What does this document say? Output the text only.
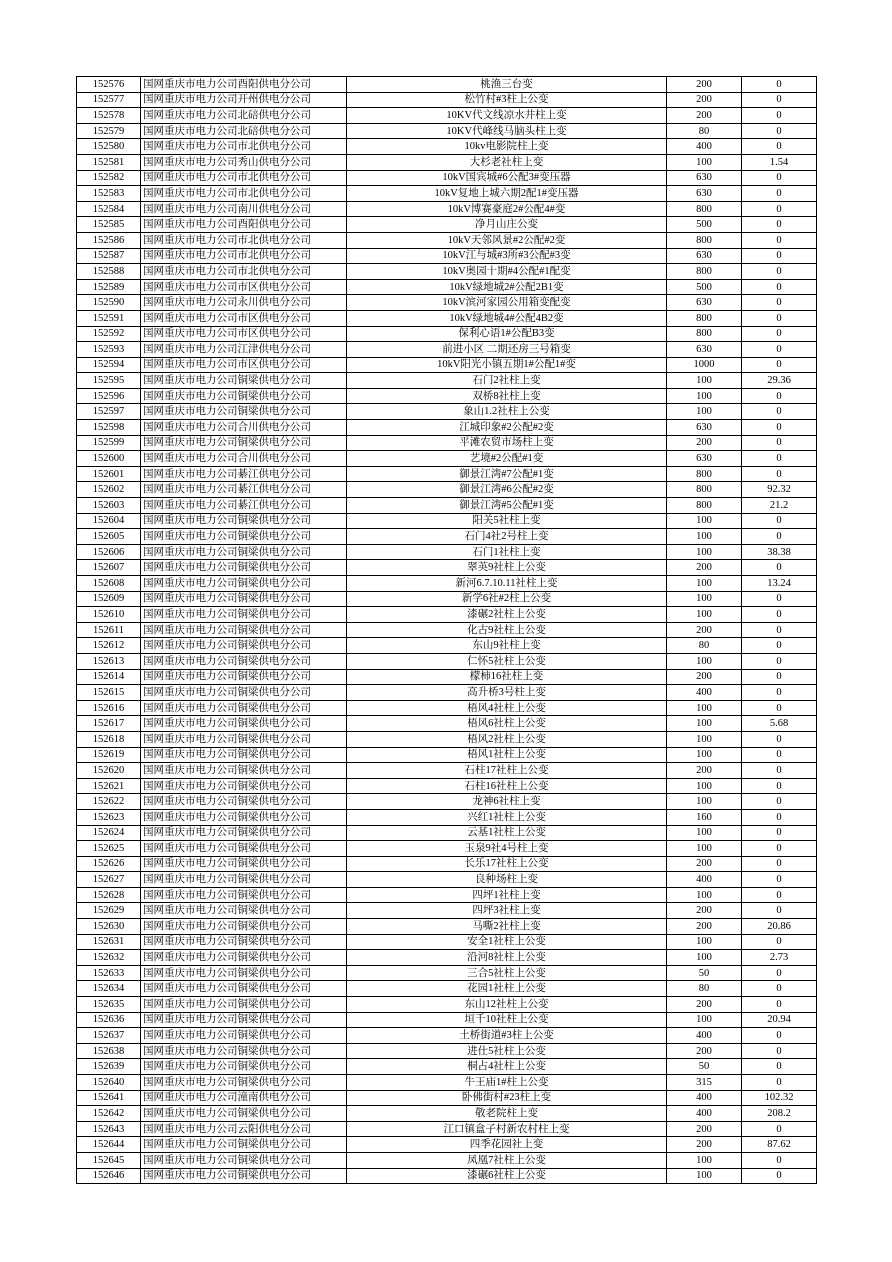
152576	国网重庆市电力公司酉阳供电分公司	桃渔三台变	200	0
152577	国网重庆市电力公司开州供电分公司	松竹村#3柱上公变	200	0
152578	国网重庆市电力公司北碚供电分公司	10KV代文线凉水井柱上变	200	0
152579	国网重庆市电力公司北碚供电分公司	10KV代峰线马脑头柱上变	80	0
152580	国网重庆市电力公司市北供电分公司	10kv电影院柱上变	400	0
152581	国网重庆市电力公司秀山供电分公司	大杉老社柱上变	100	1.54
152582	国网重庆市电力公司市北供电分公司	10kV国宾城#6公配3#变压器	630	0
152583	国网重庆市电力公司市北供电分公司	10kV复地上城六期2配1#变压器	630	0
152584	国网重庆市电力公司南川供电分公司	10kV博赛豪庭2#公配4#变	800	0
152585	国网重庆市电力公司酉阳供电分公司	净月山庄公变	500	0
152586	国网重庆市电力公司市北供电分公司	10kV天邻风景#2公配#2变	800	0
152587	国网重庆市电力公司市北供电分公司	10kV江与城#3所#3公配#3变	630	0
152588	国网重庆市电力公司市北供电分公司	10kV奥园十期#4公配#1配变	800	0
152589	国网重庆市电力公司市区供电分公司	10kV绿地城2#公配2B1变	500	0
152590	国网重庆市电力公司永川供电分公司	10kV滨河家园公用箱变配变	630	0
152591	国网重庆市电力公司市区供电分公司	10kV绿地城4#公配4B2变	800	0
152592	国网重庆市电力公司市区供电分公司	保利心语1#公配B3变	800	0
152593	国网重庆市电力公司江津供电分公司	前进小区 二期还房三号箱变	630	0
152594	国网重庆市电力公司市区供电分公司	10kV阳光小镇五期1#公配1#变	1000	0
152595	国网重庆市电力公司铜梁供电分公司	石门2社柱上变	100	29.36
152596	国网重庆市电力公司铜梁供电分公司	双桥8社柱上变	100	0
152597	国网重庆市电力公司铜梁供电分公司	象山1.2社柱上公变	100	0
152598	国网重庆市电力公司合川供电分公司	江城印象#2公配#2变	630	0
152599	国网重庆市电力公司铜梁供电分公司	平滩农贸市场柱上变	200	0
152600	国网重庆市电力公司合川供电分公司	艺境#2公配#1变	630	0
152601	国网重庆市电力公司綦江供电分公司	御景江湾#7公配#1变	800	0
152602	国网重庆市电力公司綦江供电分公司	御景江湾#6公配#2变	800	92.32
152603	国网重庆市电力公司綦江供电分公司	御景江湾#5公配#1变	800	21.2
152604	国网重庆市电力公司铜梁供电分公司	阳关5社柱上变	100	0
152605	国网重庆市电力公司铜梁供电分公司	石门4社2号柱上变	100	0
152606	国网重庆市电力公司铜梁供电分公司	石门1社柱上变	100	38.38
152607	国网重庆市电力公司铜梁供电分公司	翠英9社柱上公变	200	0
152608	国网重庆市电力公司铜梁供电分公司	新河6.7.10.11社柱上变	100	13.24
152609	国网重庆市电力公司铜梁供电分公司	新学6社#2柱上公变	100	0
152610	国网重庆市电力公司铜梁供电分公司	漆碾2社柱上公变	100	0
152611	国网重庆市电力公司铜梁供电分公司	化古9社柱上公变	200	0
152612	国网重庆市电力公司铜梁供电分公司	东山9社柱上变	80	0
152613	国网重庆市电力公司铜梁供电分公司	仁怀5社柱上公变	100	0
152614	国网重庆市电力公司铜梁供电分公司	檬柿16社柱上变	200	0
152615	国网重庆市电力公司铜梁供电分公司	高升桥3号柱上变	400	0
152616	国网重庆市电力公司铜梁供电分公司	梧风4社柱上公变	100	0
152617	国网重庆市电力公司铜梁供电分公司	梧风6社柱上公变	100	5.68
152618	国网重庆市电力公司铜梁供电分公司	梧风2社柱上公变	100	0
152619	国网重庆市电力公司铜梁供电分公司	梧风1社柱上公变	100	0
152620	国网重庆市电力公司铜梁供电分公司	石柱17社柱上公变	200	0
152621	国网重庆市电力公司铜梁供电分公司	石柱16社柱上公变	100	0
152622	国网重庆市电力公司铜梁供电分公司	龙神6社柱上变	100	0
152623	国网重庆市电力公司铜梁供电分公司	兴红1社柱上公变	160	0
152624	国网重庆市电力公司铜梁供电分公司	云基1社柱上公变	100	0
152625	国网重庆市电力公司铜梁供电分公司	玉泉9社4号柱上变	100	0
152626	国网重庆市电力公司铜梁供电分公司	长乐17社柱上公变	200	0
152627	国网重庆市电力公司铜梁供电分公司	良种场柱上变	400	0
152628	国网重庆市电力公司铜梁供电分公司	四坪1社柱上变	100	0
152629	国网重庆市电力公司铜梁供电分公司	四坪3社柱上变	200	0
152630	国网重庆市电力公司铜梁供电分公司	马嘶2社柱上变	200	20.86
152631	国网重庆市电力公司铜梁供电分公司	安全1社柱上公变	100	0
152632	国网重庆市电力公司铜梁供电分公司	沿河8社柱上公变	100	2.73
152633	国网重庆市电力公司铜梁供电分公司	三合5社柱上公变	50	0
152634	国网重庆市电力公司铜梁供电分公司	花园1社柱上公变	80	0
152635	国网重庆市电力公司铜梁供电分公司	东山12社柱上公变	200	0
152636	国网重庆市电力公司铜梁供电分公司	垣千10社柱上公变	100	20.94
152637	国网重庆市电力公司铜梁供电分公司	土桥街道#3柱上公变	400	0
152638	国网重庆市电力公司铜梁供电分公司	进仕5社柱上公变	200	0
152639	国网重庆市电力公司铜梁供电分公司	桐占4社柱上公变	50	0
152640	国网重庆市电力公司铜梁供电分公司	牛王庙1#柱上公变	315	0
152641	国网重庆市电力公司潼南供电分公司	卧佛街村#23柱上变	400	102.32
152642	国网重庆市电力公司铜梁供电分公司	敬老院柱上变	400	208.2
152643	国网重庆市电力公司云阳供电分公司	江口镇盒子村新农村柱上变	200	0
152644	国网重庆市电力公司铜梁供电分公司	四季花园社上变	200	87.62
152645	国网重庆市电力公司铜梁供电分公司	凤凰7社柱上公变	100	0
152646	国网重庆市电力公司铜梁供电分公司	漆碾6社柱上公变	100	0
